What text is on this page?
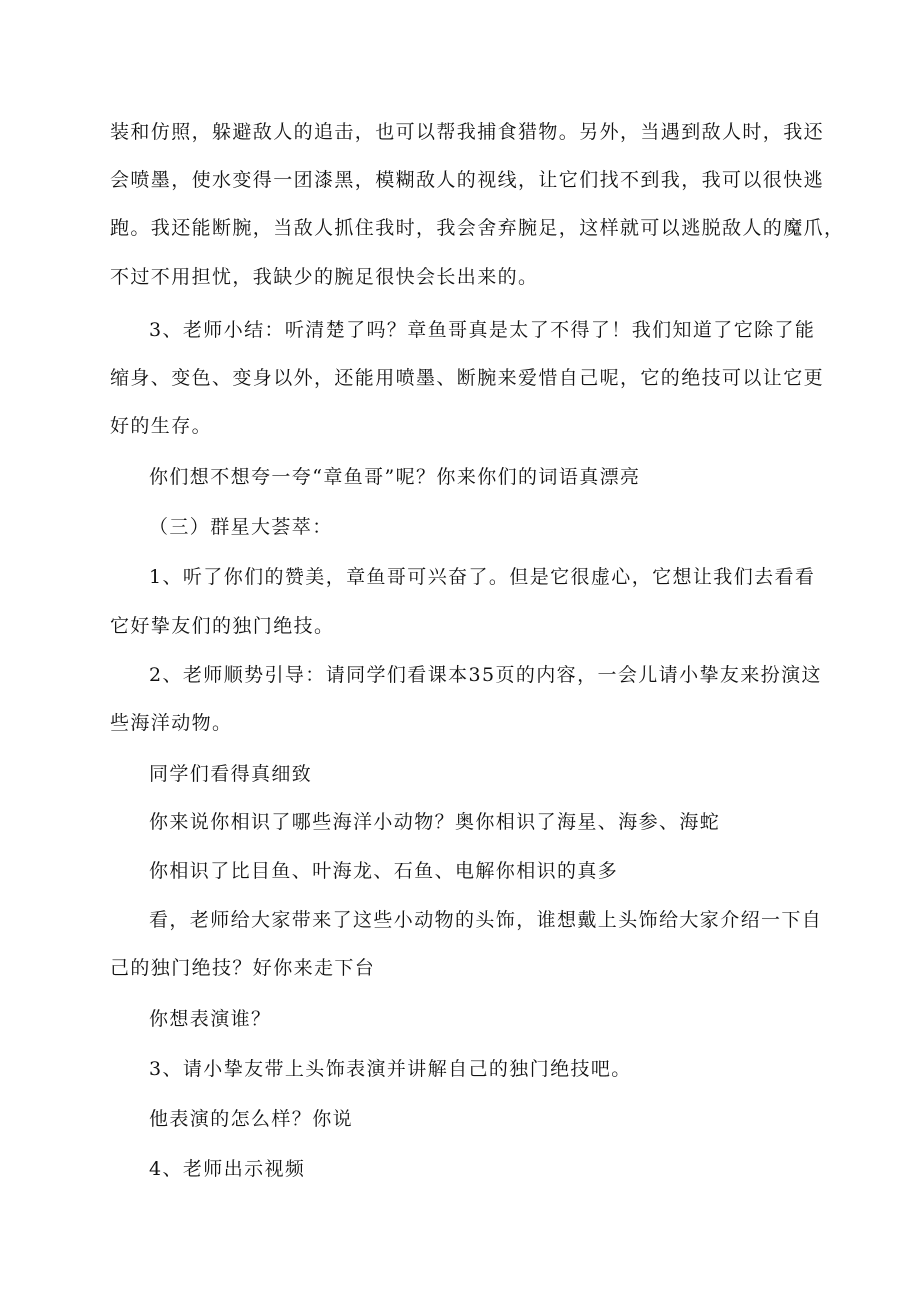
装和仿照，躲避敌人的追击，也可以帮我捕食猎物。另外，当遇到敌人时，我还
会喷墨，使水变得一团漆黑，模糊敌人的视线，让它们找不到我，我可以很快逃
跑。我还能断腕，当敌人抓住我时，我会舍弃腕足，这样就可以逃脱敌人的魔爪，
不过不用担忧，我缺少的腕足很快会长出来的。
3、老师小结：听清楚了吗？章鱼哥真是太了不得了！我们知道了它除了能
缩身、变色、变身以外，还能用喷墨、断腕来爱惜自己呢，它的绝技可以让它更
好的生存。
你们想不想夸一夸“章鱼哥”呢？你来你们的词语真漂亮
（三）群星大荟萃：
1、听了你们的赞美，章鱼哥可兴奋了。但是它很虚心，它想让我们去看看
它好挚友们的独门绝技。
2、老师顺势引导：请同学们看课本35页的内容，一会儿请小挚友来扮演这
些海洋动物。
同学们看得真细致
你来说你相识了哪些海洋小动物？奥你相识了海星、海参、海蛇
你相识了比目鱼、叶海龙、石鱼、电解你相识的真多
看，老师给大家带来了这些小动物的头饰，谁想戴上头饰给大家介绍一下自
己的独门绝技？好你来走下台
你想表演谁？
3、请小挚友带上头饰表演并讲解自己的独门绝技吧。
他表演的怎么样？你说
4、老师出示视频
